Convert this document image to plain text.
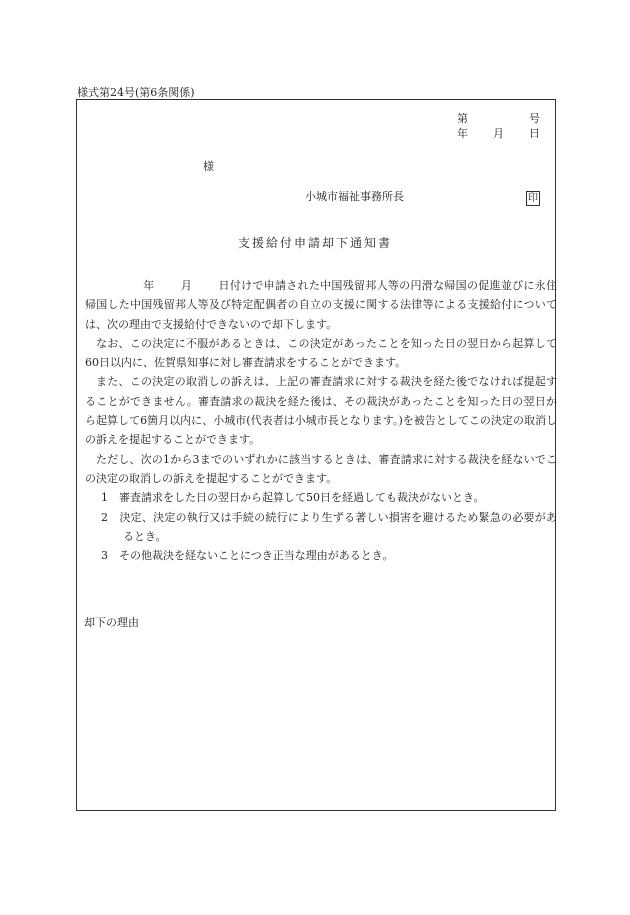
様式第24号(第6条関係)
第	号
年 月 日
様
小城市福祉事務所長	印
支援給付申請却下通知書

年 月 日付けで申請された中国残留邦人等の円滑な帰国の促進並びに永住帰国した中国残留邦人等及び特定配偶者の自立の支援に関する法律等による支援給付については、次の理由で支援給付できないので却下します。

なお、この決定に不服があるときは、この決定があったことを知った日の翌日から起算して60日以内に、佐賀県知事に対し審査請求をすることができます。

また、この決定の取消しの訴えは、上記の審査請求に対する裁決を経た後でなければ提起することができません。審査請求の裁決を経た後は、その裁決があったことを知った日の翌日から起算して6箇月以内に、小城市(代表者は小城市長となります。)を被告としてこの決定の取消しの訴えを提起することができます。

ただし、次の1から3までのいずれかに該当するときは、審査請求に対する裁決を経ないでこの決定の取消しの訴えを提起することができます。

1　審査請求をした日の翌日から起算して50日を経過しても裁決がないとき。

2　決定、決定の執行又は手続の続行により生ずる著しい損害を避けるため緊急の必要があるとき。

3　その他裁決を経ないことにつき正当な理由があるとき。

却下の理由
